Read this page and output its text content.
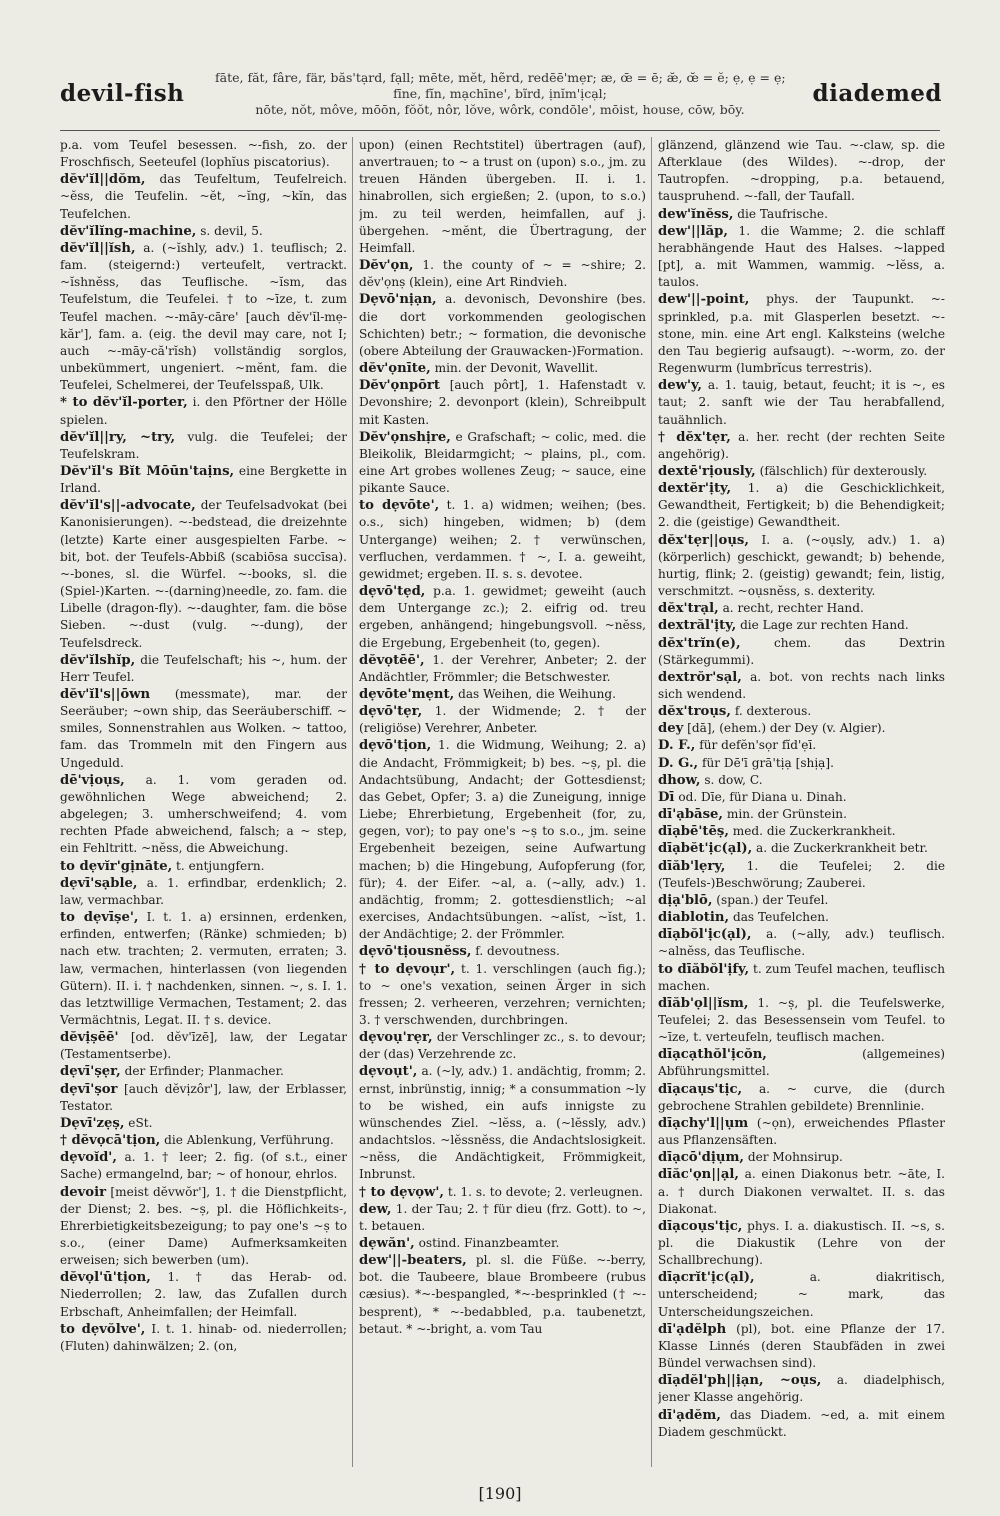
devil-fish
fāte, făt, fâre, fär, băs'tạrd, fạll; mēte, mĕt, hẽrd, redēē'mẹr; æ, œ̄ = ē; æ̆, œ̆ = ĕ; ẹ, ẹ = ẹ;
fīne, fĭn, mạchīne', bĩrd, ịnĭm'ịcạl;
nōte, nŏt, môve, mōōn, fŏŏt, nôr, lŏve, wôrk, condōle', mōist, house, cōw, bōy.
diademed

p.a. vom Teufel besessen. ~-fish, zo. der Froschfisch, Seeteufel (lophĭus piscatorius).

dĕv'ĭl||dŏm, das Teufeltum, Teufelreich. ~ĕss, die Teufelin. ~ĕt, ~ĭng, ~kĭn, das Teufelchen.

dĕv'ĭlĭng-machine, s. devil, 5.

dĕv'ĭl||ĭsh, a. (~ĭshly, adv.) 1. teuflisch; 2. fam. (steigernd:) verteufelt, vertrackt. ~ĭshnĕss, das Teuflische. ~ĭsm, das Teufelstum, die Teufelei. † to ~īze, t. zum Teufel machen. ~-māy-cāre' [auch dĕv'ĭl-mẹ-kăr'], fam. a. (eig. the devil may care, not I; auch ~-māy-că'rĭsh) vollständig sorglos, unbekümmert, ungeniert. ~mĕnt, fam. die Teufelei, Schelmerei, der Teufelsspaß, Ulk.

* to dĕv'ĭl-porter, i. den Pförtner der Hölle spielen.

dĕv'ĭl||ry, ~try, vulg. die Teufelei; der Teufelskram.

Dĕv'ĭl's Bĭt Mōūn'taịns, eine Bergkette in Irland.

dĕv'ĭl's||-advocate, der Teufelsadvokat (bei Kanonisierungen). ~-bedstead, die dreizehnte (letzte) Karte einer ausgespielten Farbe. ~ bit, bot. der Teufels-Abbiß (scabiōsa succīsa). ~-bones, sl. die Würfel. ~-books, sl. die (Spiel-)Karten. ~-(darning)needle, zo. fam. die Libelle (dragon-fly). ~-daughter, fam. die böse Sieben. ~-dust (vulg. ~-dung), der Teufelsdreck.

dĕv'ĭlshĭp, die Teufelschaft; his ~, hum. der Herr Teufel.

dĕv'ĭl's||ōwn (messmate), mar. der Seeräuber; ~own ship, das Seeräuberschiff. ~ smiles, Sonnenstrahlen aus Wolken. ~ tattoo, fam. das Trommeln mit den Fingern aus Ungeduld.

dē'vịoụs, a. 1. vom geraden od. gewöhnlichen Wege abweichend; 2. abgelegen; 3. umherschweifend; 4. vom rechten Pfade abweichend, falsch; a ~ step, ein Fehltritt. ~nĕss, die Abweichung.

to dẹvĭr'gịnāte, t. entjungfern.

dẹvī'sạble, a. 1. erfindbar, erdenklich; 2. law, vermachbar.

to dẹvīṣe', I. t. 1. a) ersinnen, erdenken, erfinden, entwerfen; (Ränke) schmieden; b) nach etw. trachten; 2. vermuten, erraten; 3. law, vermachen, hinterlassen (von liegenden Gütern). II. i. † nachdenken, sinnen. ~, s. I. 1. das letztwillige Vermachen, Testament; 2. das Vermächtnis, Legat. II. † s. device.

dĕvịṣēē' [od. dĕv'īzē], law, der Legatar (Testamentserbe).

dẹvī'ṣẹr, der Erfinder; Planmacher.

dẹvī'ṣor [auch dĕvịzôr'], law, der Erblasser, Testator.

Dẹvī'zẹṣ, eSt.

† dĕvọcā'tịon, die Ablenkung, Verführung.

dẹvoĭd', a. 1. † leer; 2. fig. (of s.t., einer Sache) ermangelnd, bar; ~ of honour, ehrlos.

devoir [meist dĕvwŏr'], 1. † die Dienstpflicht, der Dienst; 2. bes. ~ṣ, pl. die Höflichkeits-, Ehrerbietigkeitsbezeigung; to pay one's ~ṣ to s.o., (einer Dame) Aufmerksamkeiten erweisen; sich bewerben (um).

dĕvọl'ū'tịon, 1. † das Herab- od. Niederrollen; 2. law, das Zufallen durch Erbschaft, Anheimfallen; der Heimfall.

to dẹvŏlve', I. t. 1. hinab- od. niederrollen; (Fluten) dahinwälzen; 2. (on,

upon) (einen Rechtstitel) übertragen (auf), anvertrauen; to ~ a trust on (upon) s.o., jm. zu treuen Händen übergeben. II. i. 1. hinabrollen, sich ergießen; 2. (upon, to s.o.) jm. zu teil werden, heimfallen, auf j. übergehen. ~mĕnt, die Übertragung, der Heimfall.

Dĕv'ọn, 1. the county of ~ = ~shire; 2. dĕv'ọnṣ (klein), eine Art Rindvieh.

Dẹvō'nịạn, a. devonisch, Devonshire (bes. die dort vorkommenden geologischen Schichten) betr.; ~ formation, die devonische (obere Abteilung der Grauwacken-)Formation.

dĕv'ọnīte, min. der Devonit, Wavellit.

Dĕv'ọnpōrt [auch pôrt], 1. Hafenstadt v. Devonshire; 2. devonport (klein), Schreibpult mit Kasten.

Dĕv'ọnshịre, e Grafschaft; ~ colic, med. die Bleikolik, Bleidarmgicht; ~ plains, pl., com. eine Art grobes wollenes Zeug; ~ sauce, eine pikante Sauce.

to dẹvōte', t. 1. a) widmen; weihen; (bes. o.s., sich) hingeben, widmen; b) (dem Untergange) weihen; 2. † verwünschen, verfluchen, verdammen. † ~, I. a. geweiht, gewidmet; ergeben. II. s. s. devotee.

dẹvō'tẹd, p.a. 1. gewidmet; geweiht (auch dem Untergange zc.); 2. eifrig od. treu ergeben, anhängend; hingebungsvoll. ~nĕss, die Ergebung, Ergebenheit (to, gegen).

dĕvọtēē', 1. der Verehrer, Anbeter; 2. der Andächtler, Frömmler; die Betschwester.

dẹvōte'mẹnt, das Weihen, die Weihung.

dẹvō'tẹr, 1. der Widmende; 2. † der (religiöse) Verehrer, Anbeter.

dẹvō'tịon, 1. die Widmung, Weihung; 2. a) die Andacht, Frömmigkeit; b) bes. ~ṣ, pl. die Andachtsübung, Andacht; der Gottesdienst; das Gebet, Opfer; 3. a) die Zuneigung, innige Liebe; Ehrerbietung, Ergebenheit (for, zu, gegen, vor); to pay one's ~ṣ to s.o., jm. seine Ergebenheit bezeigen, seine Aufwartung machen; b) die Hingebung, Aufopferung (for, für); 4. der Eifer. ~al, a. (~ally, adv.) 1. andächtig, fromm; 2. gottesdienstlich; ~al exercises, Andachtsübungen. ~alĭst, ~ĭst, 1. der Andächtige; 2. der Frömmler.

dẹvō'tịousnĕss, f. devoutness.

† to dẹvoụr', t. 1. verschlingen (auch fig.); to ~ one's vexation, seinen Ärger in sich fressen; 2. verheeren, verzehren; vernichten; 3. † verschwenden, durchbringen.

dẹvoụ'rẹr, der Verschlinger zc., s. to devour; der (das) Verzehrende zc.

dẹvoụt', a. (~ly, adv.) 1. andächtig, fromm; 2. ernst, inbrünstig, innig; * a consummation ~ly to be wished, ein aufs innigste zu wünschendes Ziel. ~lĕss, a. (~lĕssly, adv.) andachtslos. ~lĕssnĕss, die Andachtslosigkeit. ~nĕss, die Andächtigkeit, Frömmigkeit, Inbrunst.

† to dẹvọw', t. 1. s. to devote; 2. verleugnen.

dew, 1. der Tau; 2. † für dieu (frz. Gott). to ~, t. betauen.

dẹwăn', ostind. Finanzbeamter.

dew'||-beaters, pl. sl. die Füße. ~-berry, bot. die Taubeere, blaue Brombeere (rubus cæsius). *~-bespangled, *~-besprinkled († ~-besprent), * ~-bedabbled, p.a. taubenetzt, betaut. * ~-bright, a. vom Tau

glänzend, glänzend wie Tau. ~-claw, sp. die Afterklaue (des Wildes). ~-drop, der Tautropfen. ~dropping, p.a. betauend, tauspruhend. ~-fall, der Taufall.

dew'ĭnĕss, die Taufrische.

dew'||lăp, 1. die Wamme; 2. die schlaff herabhängende Haut des Halses. ~lapped [pt], a. mit Wammen, wammig. ~lĕss, a. taulos.

dew'||-point, phys. der Taupunkt. ~-sprinkled, p.a. mit Glasperlen besetzt. ~-stone, min. eine Art engl. Kalksteins (welche den Tau begierig aufsaugt). ~-worm, zo. der Regenwurm (lumbrĭcus terrestris).

dew'y, a. 1. tauig, betaut, feucht; it is ~, es taut; 2. sanft wie der Tau herabfallend, tauähnlich.

† dĕx'tẹr, a. her. recht (der rechten Seite angehörig).

dextē'rịously, (fälschlich) für dexterously.

dextĕr'ịty, 1. a) die Geschicklichkeit, Gewandtheit, Fertigkeit; b) die Behendigkeit; 2. die (geistige) Gewandtheit.

dĕx'tẹr||oụs, I. a. (~oụsly, adv.) 1. a) (körperlich) geschickt, gewandt; b) behende, hurtig, flink; 2. (geistig) gewandt; fein, listig, verschmitzt. ~oụsnĕss, s. dexterity.

dĕx'trạl, a. recht, rechter Hand.

dextrăl'ịty, die Lage zur rechten Hand.

dĕx'trĭn(e),	chem. das Dextrin (Stärkegummi).

dextrŏr'sạl, a. bot. von rechts nach links sich wendend.

dĕx'troụs, f. dexterous.

dey [dā], (ehem.) der Dey (v. Algier).

D. F., für defĕn'sọr fĭd'ẹī.

D. G., für Dē'ī grā'tịạ [shịạ].

dhow, s. dow, C.

Dī od. Dīe, für Diana u. Dinah.

dī'ạbāse, min. der Grünstein.

dīạbē'tēṣ, med. die Zuckerkrankheit.

dīạbĕt'ịc(ạl), a. die Zuckerkrankheit betr.

dīăb'lẹry, 1. die Teufelei; 2. die (Teufels-)Beschwörung; Zauberei.

dịạ'blō, (span.) der Teufel.

diablotin, das Teufelchen.

dīạbŏl'ịc(ạl), a. (~ally, adv.) teuflisch. ~alnĕss, das Teuflische.

to dīăbŏl'ịfy, t. zum Teufel machen, teuflisch machen.

dīăb'ọl||ĭsm, 1. ~ṣ, pl. die Teufelswerke, Teufelei; 2. das Besessensein vom Teufel. to ~īze, t. verteufeln, teuflisch machen.

dīạcạthŏl'ịcŏn,	(allgemeines) Abführungsmittel.

dīạcaụs'tịc, a. ~ curve, die (durch gebrochene Strahlen gebildete) Brennlinie.

dīạchy'l||ụm (~ọn), erweichendes Pflaster aus Pflanzensäften.

dīạcō'dịụm, der Mohnsirup.

dīăc'ọn||ạl, a. einen Diakonus betr. ~āte, I. a. † durch Diakonen verwaltet. II. s. das Diakonat.

dīạcoụs'tịc, phys. I. a. diakustisch. II. ~s, s. pl. die Diakustik (Lehre von der Schallbrechung).

dīạcrĭt'ịc(ạl),	a. diakritisch, unterscheidend; ~ mark, das Unterscheidungszeichen.

dī'ạdĕlph (pl), bot. eine Pflanze der 17. Klasse Linnés (deren Staubfäden in zwei Bündel verwachsen sind).

dīạdĕl'ph||ịạn, ~oụs, a. diadelphisch, jener Klasse angehörig.

dī'ạdĕm, das Diadem. ~ed, a. mit einem Diadem geschmückt.

[190]
